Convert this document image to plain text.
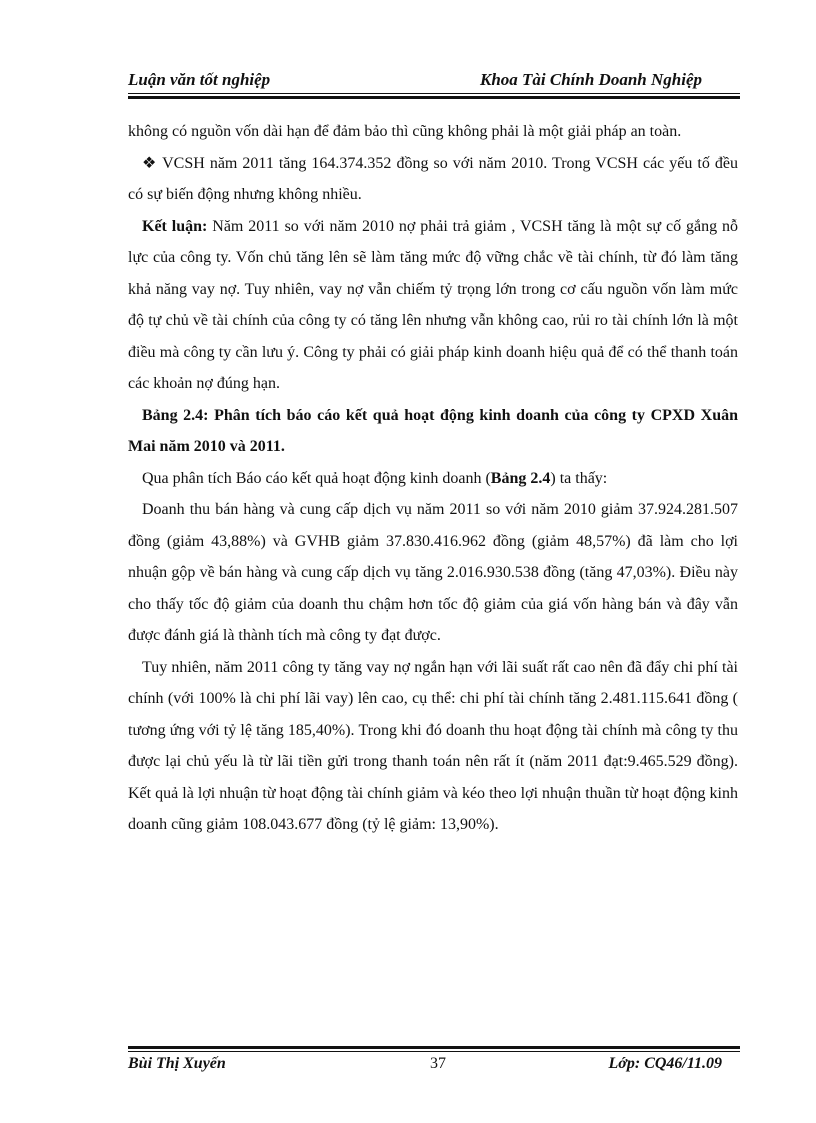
Luận văn tốt nghiệp	Khoa Tài Chính Doanh Nghiệp

không có nguồn vốn dài hạn để đảm bảo thì cũng không phải là một giải pháp an toàn.

❖ VCSH năm 2011 tăng 164.374.352 đồng so với năm 2010. Trong VCSH các yếu tố đều có sự biến động nhưng không nhiều.

Kết luận: Năm 2011 so với năm 2010 nợ phải trả giảm , VCSH tăng là một sự cố gắng nỗ lực của công ty. Vốn chủ tăng lên sẽ làm tăng mức độ vững chắc về tài chính, từ đó làm tăng khả năng vay nợ. Tuy nhiên, vay nợ vẫn chiếm tỷ trọng lớn trong cơ cấu nguồn vốn làm mức độ tự chủ về tài chính của công ty có tăng lên nhưng vẫn không cao, rủi ro tài chính lớn là một điều mà công ty cần lưu ý. Công ty phải có giải pháp kinh doanh hiệu quả để có thể thanh toán các khoản nợ đúng hạn.

Bảng 2.4: Phân tích báo cáo kết quả hoạt động kinh doanh của công ty CPXD Xuân Mai năm 2010 và 2011.

Qua phân tích Báo cáo kết quả hoạt động kinh doanh (Bảng 2.4) ta thấy:

Doanh thu bán hàng và cung cấp dịch vụ năm 2011 so với năm 2010 giảm 37.924.281.507 đồng (giảm 43,88%) và GVHB giảm 37.830.416.962 đồng (giảm 48,57%) đã làm cho lợi nhuận gộp về bán hàng và cung cấp dịch vụ tăng 2.016.930.538 đồng (tăng 47,03%). Điều này cho thấy tốc độ giảm của doanh thu chậm hơn tốc độ giảm của giá vốn hàng bán và đây vẫn được đánh giá là thành tích mà công ty đạt được.

Tuy nhiên, năm 2011 công ty tăng vay nợ ngắn hạn với lãi suất rất cao nên đã đẩy chi phí tài chính (với 100% là chi phí lãi vay) lên cao, cụ thể: chi phí tài chính tăng 2.481.115.641 đồng ( tương ứng với tỷ lệ tăng 185,40%). Trong khi đó doanh thu hoạt động tài chính mà công ty thu được lại chủ yếu là từ lãi tiền gửi trong thanh toán nên rất ít (năm 2011 đạt:9.465.529 đồng). Kết quả là lợi nhuận từ hoạt động tài chính giảm và kéo theo lợi nhuận thuần từ hoạt động kinh doanh cũng giảm 108.043.677 đồng (tỷ lệ giảm: 13,90%).

Bùi Thị Xuyến	37	Lớp: CQ46/11.09
